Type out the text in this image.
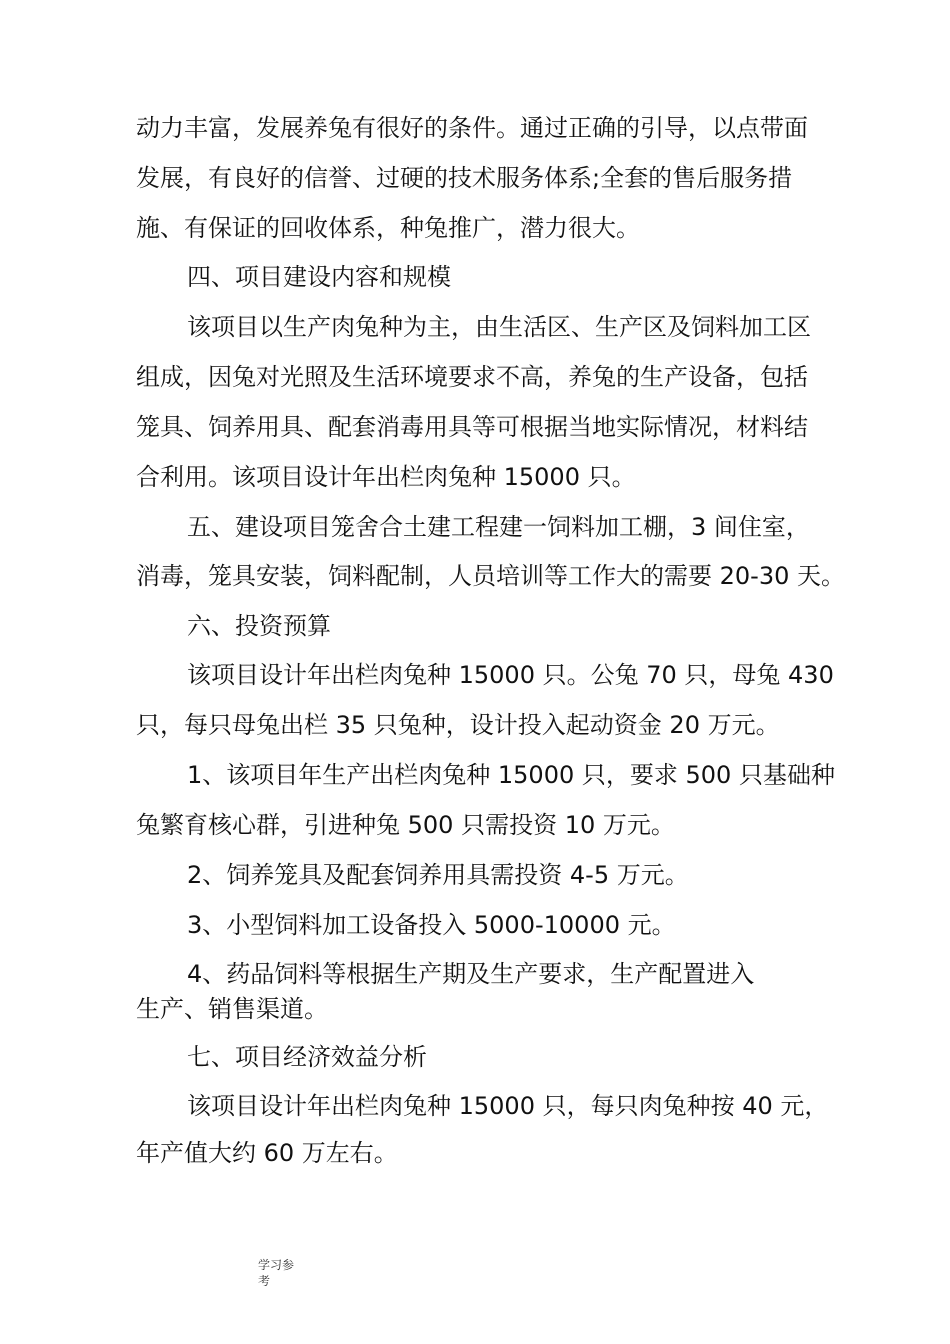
动力丰富，发展养兔有很好的条件。通过正确的引导，以点带面
发展，有良好的信誉、过硬的技术服务体系;全套的售后服务措
施、有保证的回收体系，种兔推广，潜力很大。
四、项目建设内容和规模
该项目以生产肉兔种为主，由生活区、生产区及饲料加工区
组成，因兔对光照及生活环境要求不高，养兔的生产设备，包括
笼具、饲养用具、配套消毒用具等可根据当地实际情况，材料结
合利用。该项目设计年出栏肉兔种 15000 只。
五、建设项目笼舍合土建工程建一饲料加工棚，3 间住室，
消毒，笼具安装，饲料配制，人员培训等工作大的需要 20-30 天。
六、投资预算
该项目设计年出栏肉兔种 15000 只。公兔 70 只，母兔 430
只，每只母兔出栏 35 只兔种，设计投入起动资金 20 万元。
1、该项目年生产出栏肉兔种 15000 只，要求 500 只基础种
兔繁育核心群，引进种兔 500 只需投资 10 万元。
2、饲养笼具及配套饲养用具需投资 4-5 万元。
3、小型饲料加工设备投入 5000-10000 元。
4、药品饲料等根据生产期及生产要求，生产配置进入
生产、销售渠道。
七、项目经济效益分析
该项目设计年出栏肉兔种 15000 只，每只肉兔种按 40 元，
年产值大约 60 万左右。
学习参
考
